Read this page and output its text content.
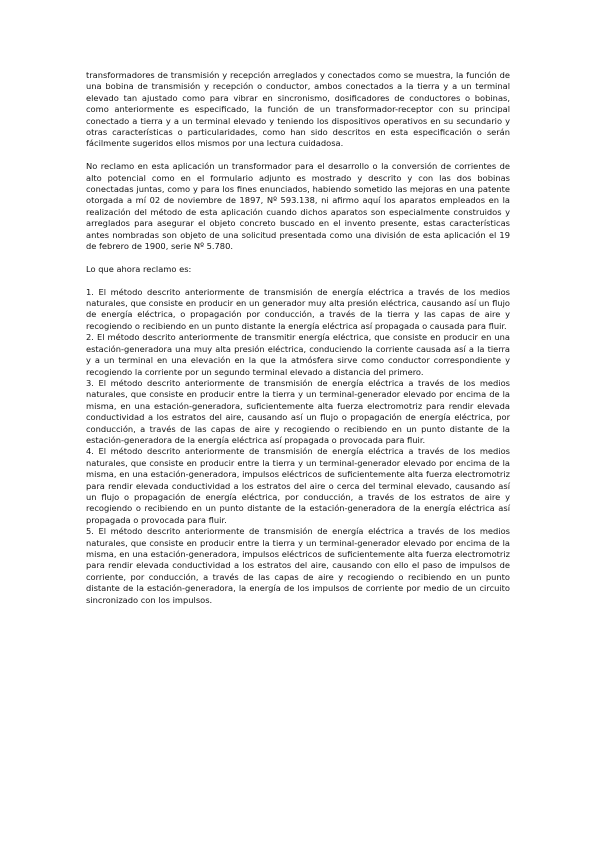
transformadores de transmisión y recepción arreglados y conectados como se muestra, la función de una bobina de transmisión y recepción o conductor, ambos conectados a la tierra y a un terminal elevado tan ajustado como para vibrar en sincronismo, dosificadores de conductores o bobinas, como anteriormente es especificado, la función de un transformador-receptor con su principal conectado a tierra y a un terminal elevado y teniendo los dispositivos operativos en su secundario y otras características o particularidades, como han sido descritos en esta especificación o serán fácilmente sugeridos ellos mismos por una lectura cuidadosa.

No reclamo en esta aplicación un transformador para el desarrollo o la conversión de corrientes de alto potencial como en el formulario adjunto es mostrado y descrito y con las dos bobinas conectadas juntas, como y para los fines enunciados, habiendo sometido las mejoras en una patente otorgada a mí 02 de noviembre de 1897, Nº 593.138, ni afirmo aquí los aparatos empleados en la realización del método de esta aplicación cuando dichos aparatos son especialmente construidos y arreglados para asegurar el objeto concreto buscado en el invento presente, estas características antes nombradas son objeto de una solicitud presentada como una división de esta aplicación el 19 de febrero de 1900, serie Nº 5.780.

Lo que ahora reclamo es:

1. El método descrito anteriormente de transmisión de energía eléctrica a través de los medios naturales, que consiste en producir en un generador muy alta presión eléctrica, causando así un flujo de energía eléctrica, o propagación por conducción, a través de la tierra y las capas de aire y recogiendo o recibiendo en un punto distante la energía eléctrica así propagada o causada para fluir.

2. El método descrito anteriormente de transmitir energía eléctrica, que consiste en producir en una estación-generadora una muy alta presión eléctrica, conduciendo la corriente causada así a la tierra y a un terminal en una elevación en la que la atmósfera sirve como conductor correspondiente y recogiendo la corriente por un segundo terminal elevado a distancia del primero.

3. El método descrito anteriormente de transmisión de energía eléctrica a través de los medios naturales, que consiste en producir entre la tierra y un terminal-generador elevado por encima de la misma, en una estación-generadora, suficientemente alta fuerza electromotriz para rendir elevada conductividad a los estratos del aire, causando así un flujo o propagación de energía eléctrica, por conducción, a través de las capas de aire y recogiendo o recibiendo en un punto distante de la estación-generadora de la energía eléctrica así propagada o provocada para fluir.

4. El método descrito anteriormente de transmisión de energía eléctrica a través de los medios naturales, que consiste en producir entre la tierra y un terminal-generador elevado por encima de la misma, en una estación-generadora, impulsos eléctricos de suficientemente alta fuerza electromotriz para rendir elevada conductividad a los estratos del aire o cerca del terminal elevado, causando así un flujo o propagación de energía eléctrica, por conducción, a través de los estratos de aire y recogiendo o recibiendo en un punto distante de la estación-generadora de la energía eléctrica así propagada o provocada para fluir.

5. El método descrito anteriormente de transmisión de energía eléctrica a través de los medios naturales, que consiste en producir entre la tierra y un terminal-generador elevado por encima de la misma, en una estación-generadora, impulsos eléctricos de suficientemente alta fuerza electromotriz para rendir elevada conductividad a los estratos del aire, causando con ello el paso de impulsos de corriente, por conducción, a través de las capas de aire y recogiendo o recibiendo en un punto distante de la estación-generadora, la energía de los impulsos de corriente por medio de un circuito sincronizado con los impulsos.
